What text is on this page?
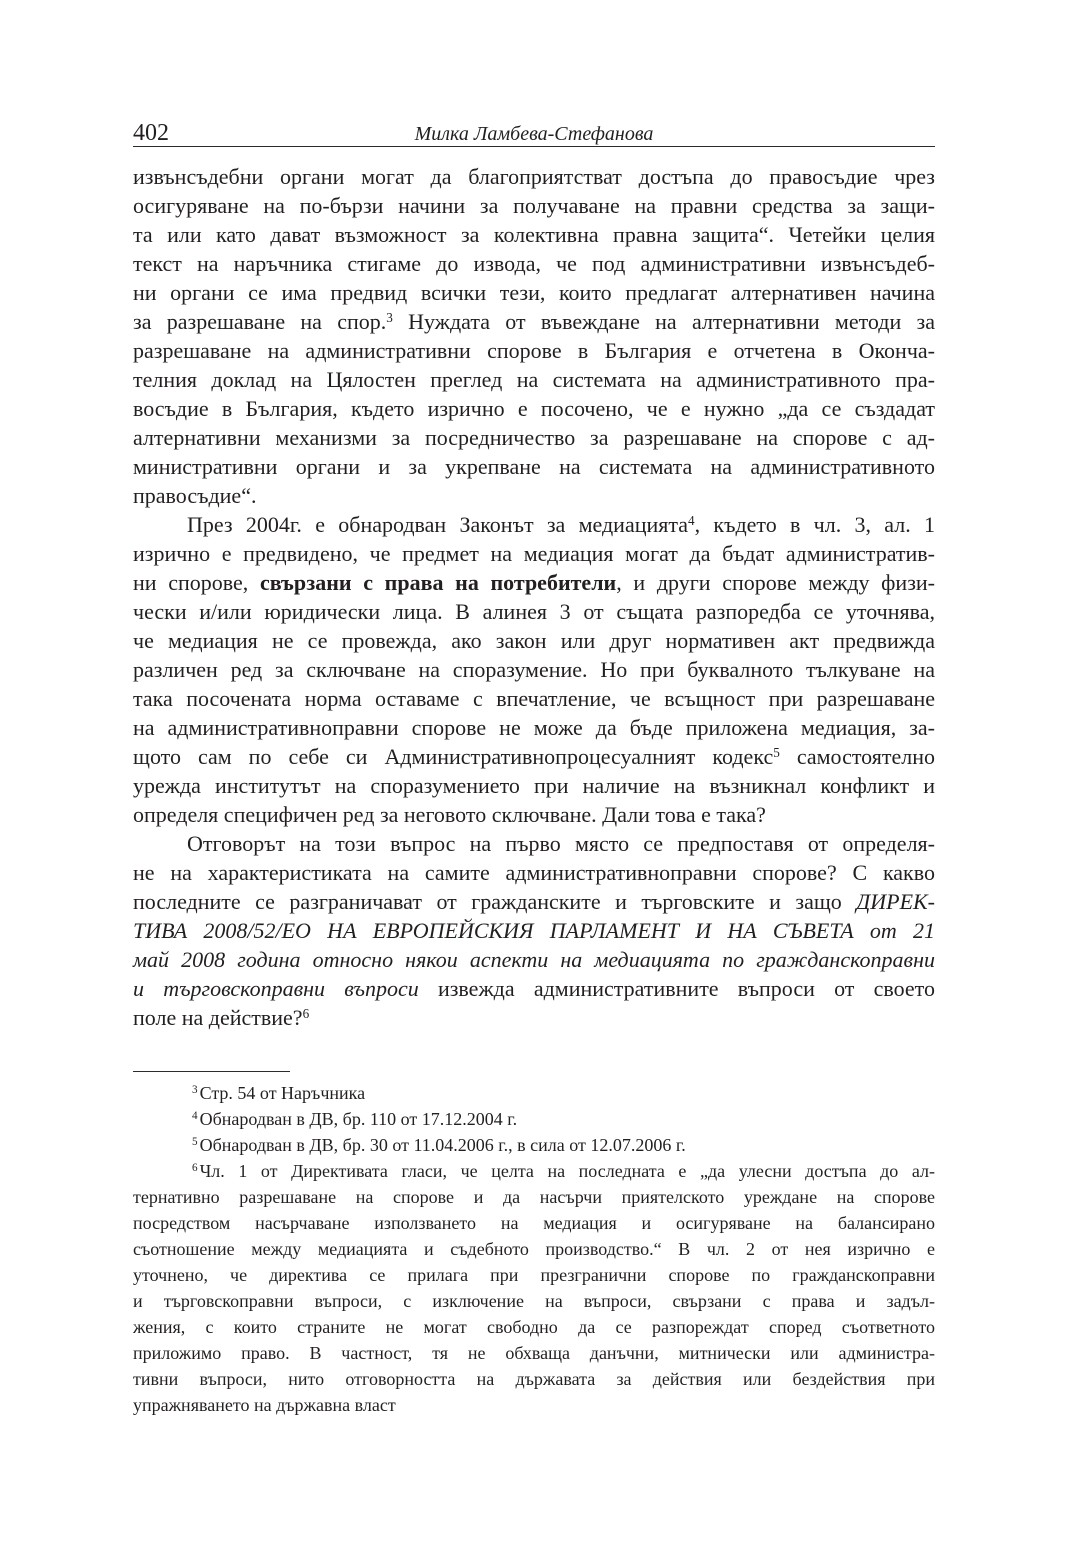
402	Милка Ламбева-Стефанова
извънсъдебни органи могат да благоприятстват достъпа до правосъдие чрез
осигуряване на по-бързи начини за получаване на правни средства за защи-
та или като дават възможност за колективна правна защита“. Четейки целия
текст на наръчника стигаме до извода, че под административни извънсъдеб-
ни органи се има предвид всички тези, които предлагат алтернативен начина
за разрешаване на спор.$^3$ Нуждата от въвеждане на алтернативни методи за
разрешаване на административни спорове в България е отчетена в Оконча-
телния доклад на Цялостен преглед на системата на административното пра-
восъдие в България, където изрично е посочено, че е нужно „да се създадат
алтернативни механизми за посредничество за разрешаване на спорове с ад-
министративни органи и за укрепване на системата на административното
правосъдие“.
През 2004г. е обнародван Законът за медиацията$^4$, където в чл. 3, ал. 1
изрично е предвидено, че предмет на медиация могат да бъдат административ-
ни спорове, свързани с права на потребители, и други спорове между физи-
чески и/или юридически лица. В алинея 3 от същата разпоредба се уточнява,
че медиация не се провежда, ако закон или друг нормативен акт предвижда
различен ред за сключване на споразумение. Но при буквалното тълкуване на
така посочената норма оставаме с впечатление, че всъщност при разрешаване
на административноправни спорове не може да бъде приложена медиация, за-
щото сам по себе си Административнопроцесуалният кодекс$^5$ самостоятелно
урежда институтът на споразумението при наличие на възникнал конфликт и
определя специфичен ред за неговото сключване. Дали това е така?
Отговорът на този въпрос на първо място се предпоставя от определя-
не на характеристиката на самите административноправни спорове? С какво
последните се разграничават от гражданските и търговските и защо ДИРЕК-
ТИВА 2008/52/ЕО НА ЕВРОПЕЙСКИЯ ПАРЛАМЕНТ И НА СЪВЕТА от 21
май 2008 година относно някои аспекти на медиацията по гражданскоправни
и търговскоправни въпроси извежда административните въпроси от своето
поле на действие?$^6$
$^3$ Стр. 54 от Наръчника
$^4$ Обнародван в ДВ, бр. 110 от 17.12.2004 г.
$^5$ Обнародван в ДВ, бр. 30 от 11.04.2006 г., в сила от 12.07.2006 г.
$^6$ Чл. 1 от Директивата гласи, че целта на последната е „да улесни достъпа до ал-
тернативно разрешаване на спорове и да насърчи приятелското уреждане на спорове
посредством насърчаване използването на медиация и осигуряване на балансирано
съотношение между медиацията и съдебното производство.“ В чл. 2 от нея изрично е
уточнено, че директива се прилага при презгранични спорове по гражданскоправни
и търговскоправни въпроси, с изключение на въпроси, свързани с права и задъл-
жения, с които страните не могат свободно да се разпореждат според съответното
приложимо право. В частност, тя не обхваща данъчни, митнически или администра-
тивни въпроси, нито отговорността на държавата за действия или бездействия при
упражняването на държавна власт
